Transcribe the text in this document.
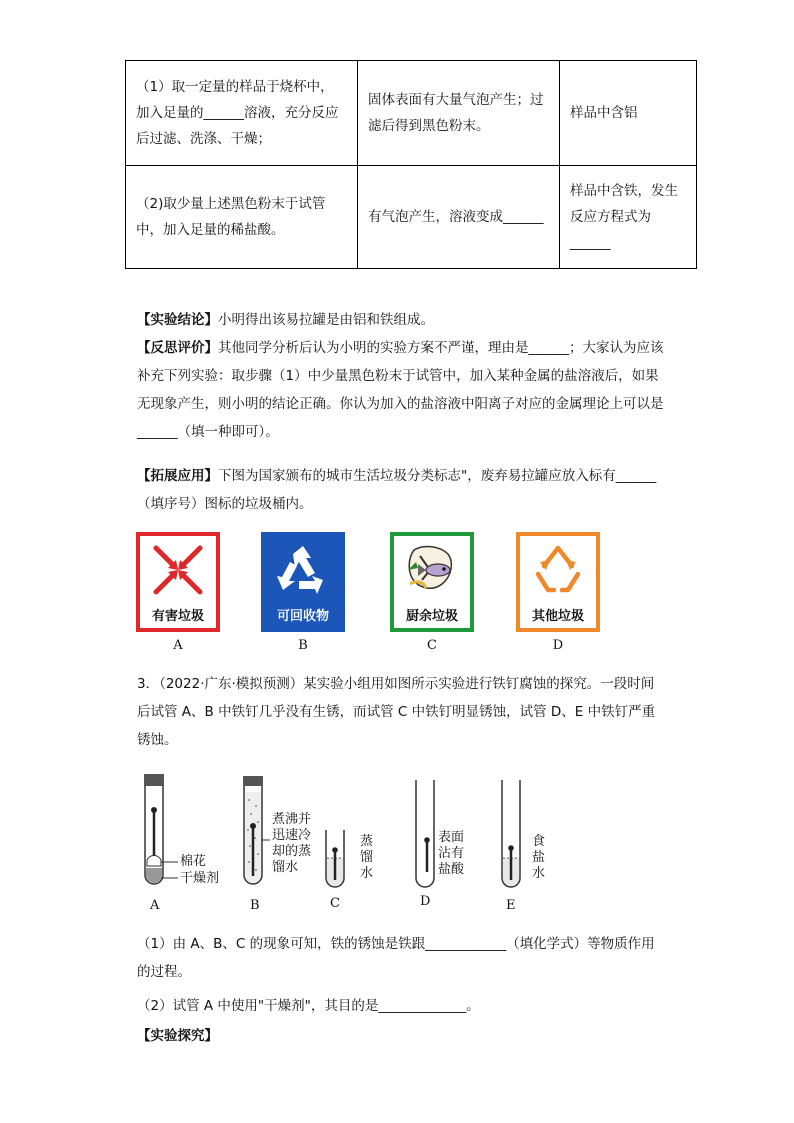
（1）取一定量的样品于烧杯中，加入足量的______溶液，充分反应后过滤、洗涤、干燥；	固体表面有大量气泡产生；过滤后得到黑色粉末。	样品中含铝
（2)取少量上述黑色粉末于试管中，加入足量的稀盐酸。	有气泡产生，溶液变成______	样品中含铁，发生反应方程式为______
【实验结论】小明得出该易拉罐是由铝和铁组成。
【反思评价】其他同学分析后认为小明的实验方案不严谨，理由是______；大家认为应该补充下列实验：取步骤（1）中少量黑色粉末于试管中，加入某种金属的盐溶液后，如果无现象产生，则小明的结论正确。你认为加入的盐溶液中阳离子对应的金属理论上可以是______（填一种即可）。
【拓展应用】下图为国家颁布的城市生活垃圾分类标志"，废弃易拉罐应放入标有______（填序号）图标的垃圾桶内。
有害垃圾
A
可回收物
B
厨余垃圾
C
其他垃圾
D
3．（2022·广东·模拟预测）某实验小组用如图所示实验进行铁钉腐蚀的探究。一段时间后试管 A、B 中铁钉几乎没有生锈，而试管 C 中铁钉明显锈蚀，试管 D、E 中铁钉严重锈蚀。
棉花
干燥剂
煮沸并迅速冷却的蒸馏水
蒸馏水
表面沾有盐酸
食盐水
A	B	C	D	E
（1）由 A、B、C 的现象可知，铁的锈蚀是铁跟____________（填化学式）等物质作用的过程。
（2）试管 A 中使用"干燥剂"，其目的是_____________。
【实验探究】
